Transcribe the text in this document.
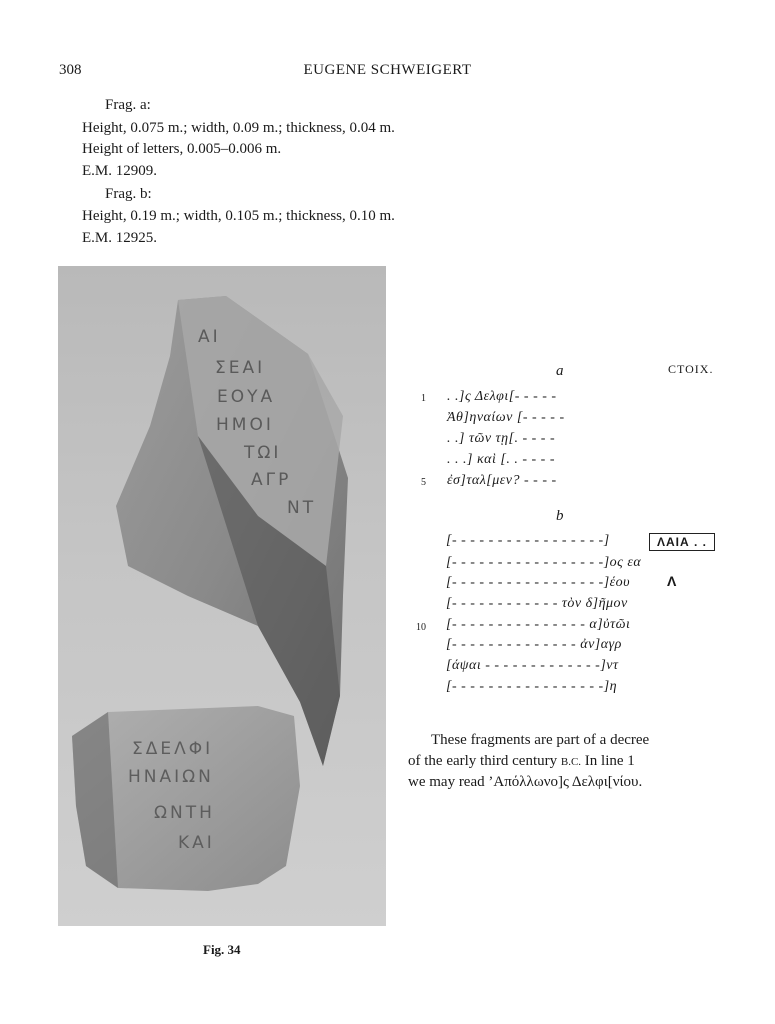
308	EUGENE SCHWEIGERT
Frag. a:
Height, 0.075 m.; width, 0.09 m.; thickness, 0.04 m.
Height of letters, 0.005–0.006 m.
E.M. 12909.
Frag. b:
Height, 0.19 m.; width, 0.105 m.; thickness, 0.10 m.
E.M. 12925.
ΑΙ
ΣΕΑΙ
ΕΟΥΑ
ΗΜΟΙ
ΤΩΙ
ΑΓΡ
ΝΤ
ΣΔΕΛΦΙ
ΗΝΑΙΩΝ
ΩΝΤΗ
ΚΑΙ
Fig. 34
a	CTOIX.
1 . .]ς Δελφι[- - - - -
Ἀθ]ηναίων [- - - - -
. .] τῶν τῃ[. - - - -
. . .] καὶ [. . - - - -
5 ἐσ]ταλ[μεν? - - - -
b
[- - - - - - - - - - - - - - - - -]	ΛΑΙΑ . .
[- - - - - - - - - - - - - - - - -]ος εα
[- - - - - - - - - - - - - - - - -]έου	Λ
[- - - - - - - - - - - - τὸν δ]ῆμον
10 [- - - - - - - - - - - - - - - α]ὐτῶι
[- - - - - - - - - - - - - - ἀν]αγρ
[άψαι - - - - - - - - - - - - -]ντ
[- - - - - - - - - - - - - - - - -]η
These fragments are part of a decree
of the early third century B.C. In line 1
we may read ’Απόλλωνο]ς Δελφι[νίου.
